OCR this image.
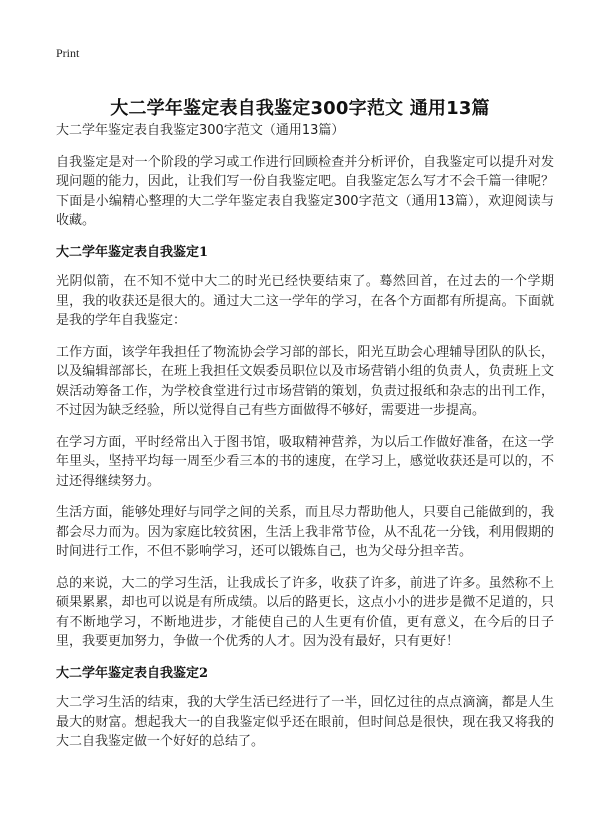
Print
大二学年鉴定表自我鉴定300字范文 通用13篇

大二学年鉴定表自我鉴定300字范文（通用13篇）

自我鉴定是对一个阶段的学习或工作进行回顾检查并分析评价，自我鉴定可以提升对发现问题的能力，因此，让我们写一份自我鉴定吧。自我鉴定怎么写才不会千篇一律呢？下面是小编精心整理的大二学年鉴定表自我鉴定300字范文（通用13篇），欢迎阅读与收藏。

大二学年鉴定表自我鉴定1

光阴似箭，在不知不觉中大二的时光已经快要结束了。蓦然回首，在过去的一个学期里，我的收获还是很大的。通过大二这一学年的学习，在各个方面都有所提高。下面就是我的学年自我鉴定：

工作方面，该学年我担任了物流协会学习部的部长，阳光互助会心理辅导团队的队长，以及编辑部部长，在班上我担任文娱委员职位以及市场营销小组的负责人，负责班上文娱活动筹备工作，为学校食堂进行过市场营销的策划，负责过报纸和杂志的出刊工作，不过因为缺乏经验，所以觉得自己有些方面做得不够好，需要进一步提高。

在学习方面，平时经常出入于图书馆，吸取精神营养，为以后工作做好准备，在这一学年里头，坚持平均每一周至少看三本的书的速度，在学习上，感觉收获还是可以的，不过还得继续努力。

生活方面，能够处理好与同学之间的关系，而且尽力帮助他人，只要自己能做到的，我都会尽力而为。因为家庭比较贫困，生活上我非常节俭，从不乱花一分钱，利用假期的时间进行工作，不但不影响学习，还可以锻炼自己，也为父母分担辛苦。

总的来说，大二的学习生活，让我成长了许多，收获了许多，前进了许多。虽然称不上硕果累累，却也可以说是有所成绩。以后的路更长，这点小小的进步是微不足道的，只有不断地学习，不断地进步，才能使自己的人生更有价值，更有意义，在今后的日子里，我要更加努力，争做一个优秀的人才。因为没有最好，只有更好！

大二学年鉴定表自我鉴定2

大二学习生活的结束，我的大学生活已经进行了一半，回忆过往的点点滴滴，都是人生最大的财富。想起我大一的自我鉴定似乎还在眼前，但时间总是很快，现在我又将我的大二自我鉴定做一个好好的总结了。
